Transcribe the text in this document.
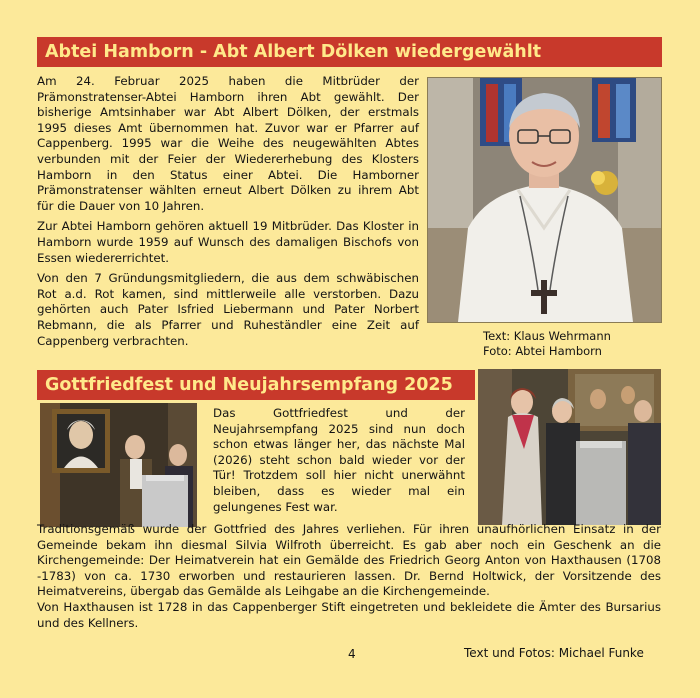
Abtei Hamborn - Abt Albert Dölken wiedergewählt

Am 24. Februar 2025 haben die Mitbrüder der Prämonstratenser-Abtei Hamborn ihren Abt gewählt. Der bisherige Amtsinhaber war Abt Albert Dölken, der erstmals 1995 dieses Amt übernommen hat. Zuvor war er Pfarrer auf Cappenberg. 1995 war die Weihe des neugewählten Abtes verbunden mit der Feier der Wiedererhebung des Klosters Hamborn in den Status einer Abtei. Die Hamborner Prämonstratenser wählten erneut Albert Dölken zu ihrem Abt für die Dauer von 10 Jahren.

Zur Abtei Hamborn gehören aktuell 19 Mitbrüder. Das Kloster in Hamborn wurde 1959 auf Wunsch des damaligen Bischofs von Essen wiedererrichtet.

Von den 7 Gründungsmitgliedern, die aus dem schwäbischen Rot a.d. Rot kamen, sind mittlerweile alle verstorben. Dazu gehörten auch Pater Isfried Liebermann und Pater Norbert Rebmann, die als Pfarrer und Ruheständler eine Zeit auf Cappenberg verbrachten.	Text: Klaus Wehrmann
Foto: Abtei Hamborn
Gottfriedfest und Neujahrsempfang 2025
Das Gottfriedfest und der Neujahrsempfang 2025 sind nun doch schon etwas länger her, das nächste Mal (2026) steht schon bald wieder vor der Tür! Trotzdem soll hier nicht unerwähnt bleiben, dass es wieder mal ein gelungenes Fest war.

Traditionsgemäß wurde der Gottfried des Jahres verliehen. Für ihren unaufhörlichen Einsatz in der Gemeinde bekam ihn diesmal Silvia Wilfroth überreicht. Es gab aber noch ein Geschenk an die Kirchengemeinde: Der Heimatverein hat ein Gemälde des Friedrich Georg Anton von Haxthausen (1708 -1783) von ca. 1730 erworben und restaurieren lassen. Dr. Bernd Holtwick, der Vorsitzende des Heimatvereins, übergab das Gemälde als Leihgabe an die Kirchengemeinde.

Von Haxthausen ist 1728 in das Cappenberger Stift eingetreten und bekleidete die Ämter des Bursarius und des Kellners.

4	Text und Fotos: Michael Funke
